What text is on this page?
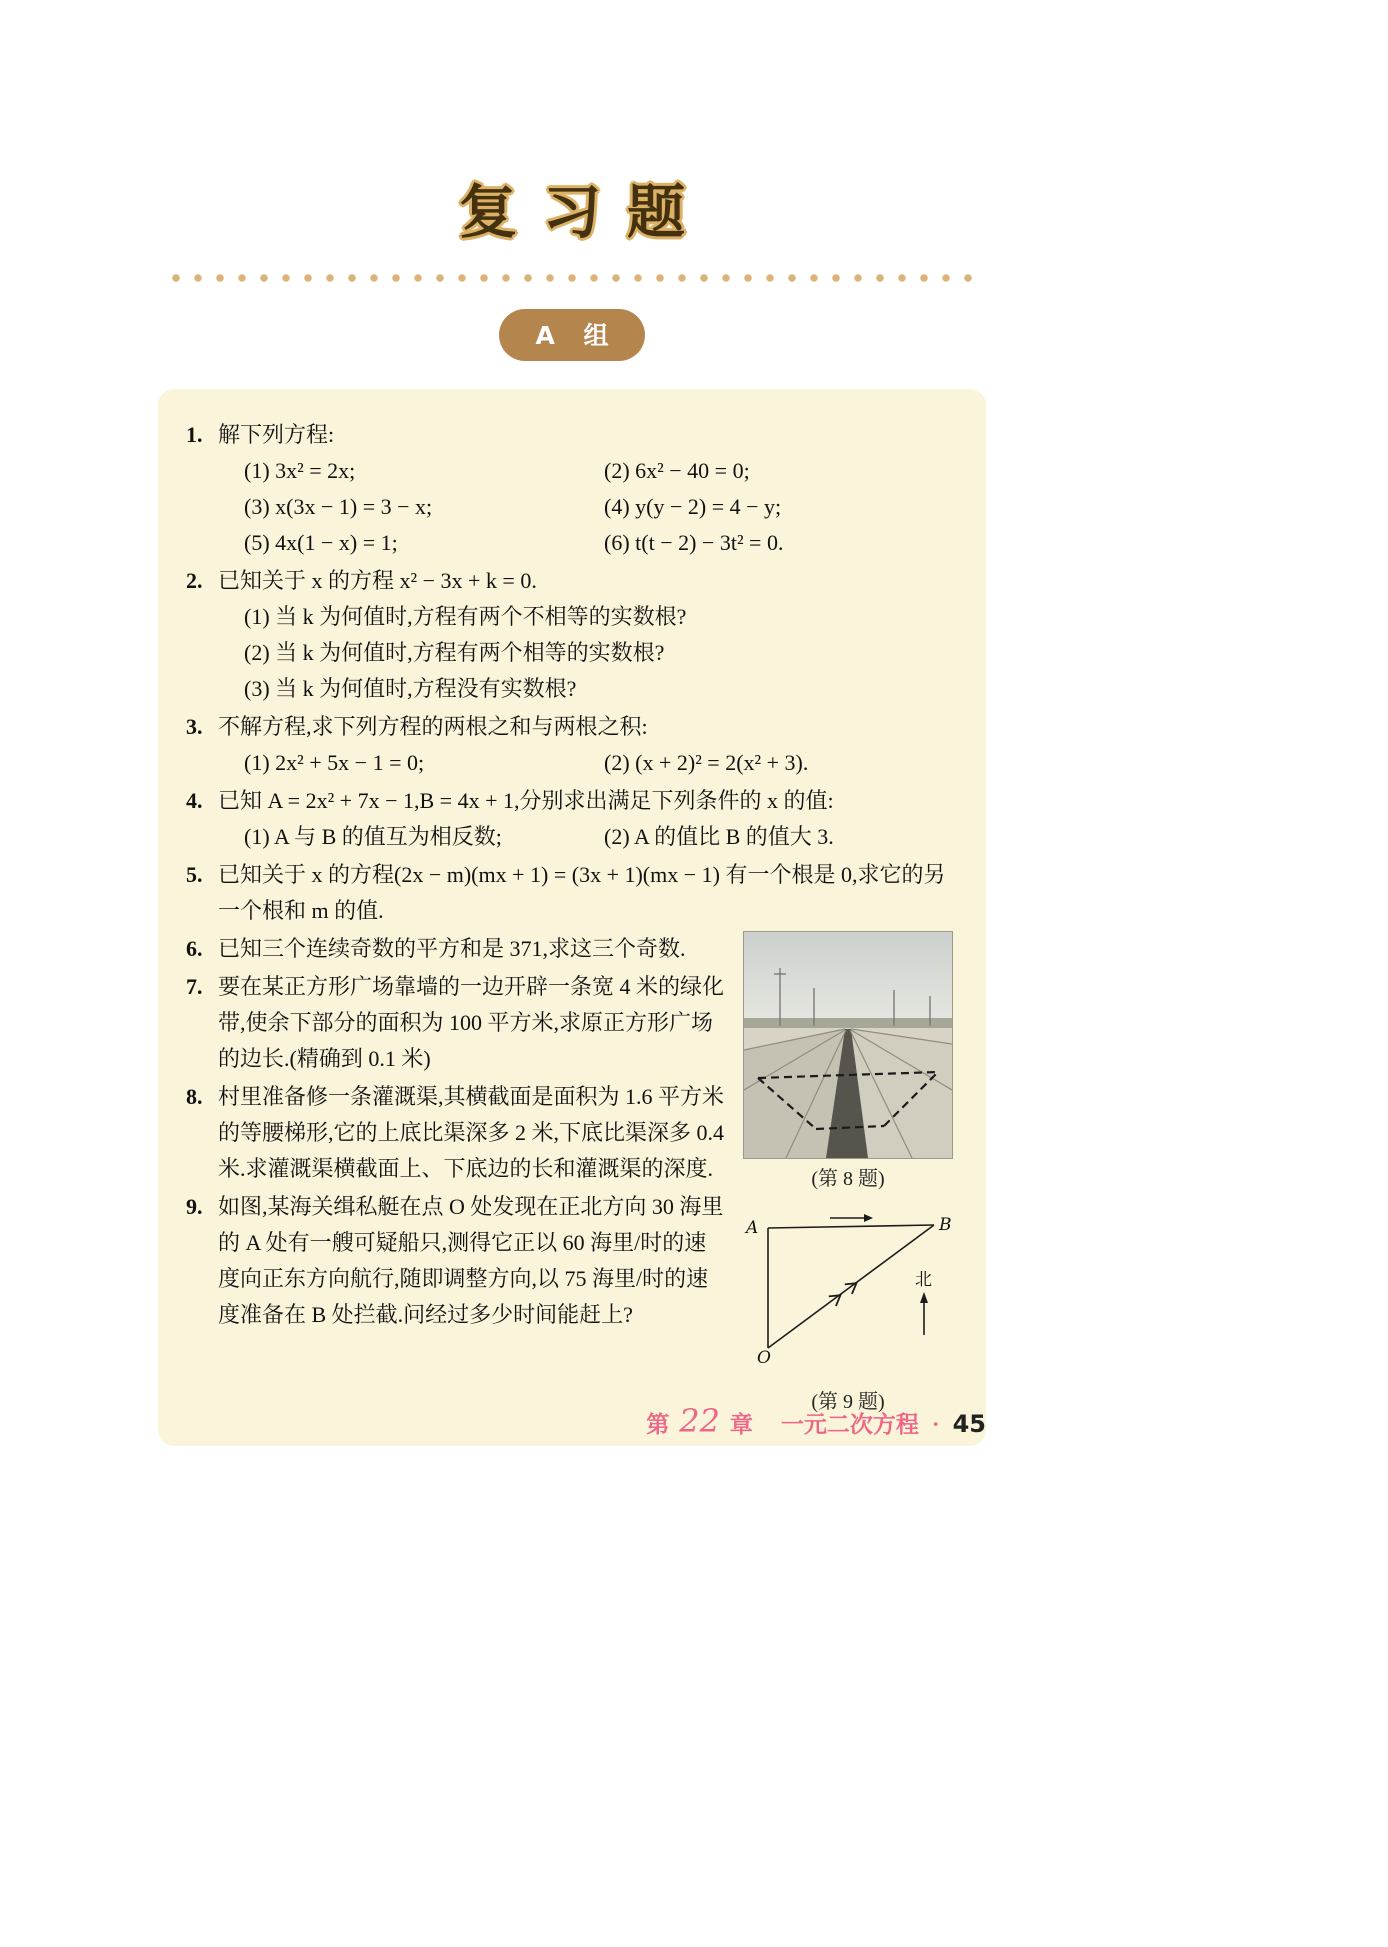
复习题
A 组
1. 解下列方程:
(1) 3x² = 2x;	(2) 6x² − 40 = 0;
(3) x(3x − 1) = 3 − x;	(4) y(y − 2) = 4 − y;
(5) 4x(1 − x) = 1;	(6) t(t − 2) − 3t² = 0.
2. 已知关于 x 的方程 x² − 3x + k = 0.
(1) 当 k 为何值时,方程有两个不相等的实数根?
(2) 当 k 为何值时,方程有两个相等的实数根?
(3) 当 k 为何值时,方程没有实数根?
3. 不解方程,求下列方程的两根之和与两根之积:
(1) 2x² + 5x − 1 = 0;	(2) (x + 2)² = 2(x² + 3).
4. 已知 A = 2x² + 7x − 1,B = 4x + 1,分别求出满足下列条件的 x 的值:
(1) A 与 B 的值互为相反数;	(2) A 的值比 B 的值大 3.
5. 已知关于 x 的方程(2x − m)(mx + 1) = (3x + 1)(mx − 1) 有一个根是 0,求它的另一个根和 m 的值.
6. 已知三个连续奇数的平方和是 371,求这三个奇数.
7. 要在某正方形广场靠墙的一边开辟一条宽 4 米的绿化带,使余下部分的面积为 100 平方米,求原正方形广场的边长.(精确到 0.1 米)
8. 村里准备修一条灌溉渠,其横截面是面积为 1.6 平方米的等腰梯形,它的上底比渠深多 2 米,下底比渠深多 0.4 米.求灌溉渠横截面上、下底边的长和灌溉渠的深度.
9. 如图,某海关缉私艇在点 O 处发现在正北方向 30 海里的 A 处有一艘可疑船只,测得它正以 60 海里/时的速度向正东方向航行,随即调整方向,以 75 海里/时的速度准备在 B 处拦截.问经过多少时间能赶上?
(第 8 题)
北
A	B
O
(第 9 题)
第 22 章 一元二次方程 · 45
